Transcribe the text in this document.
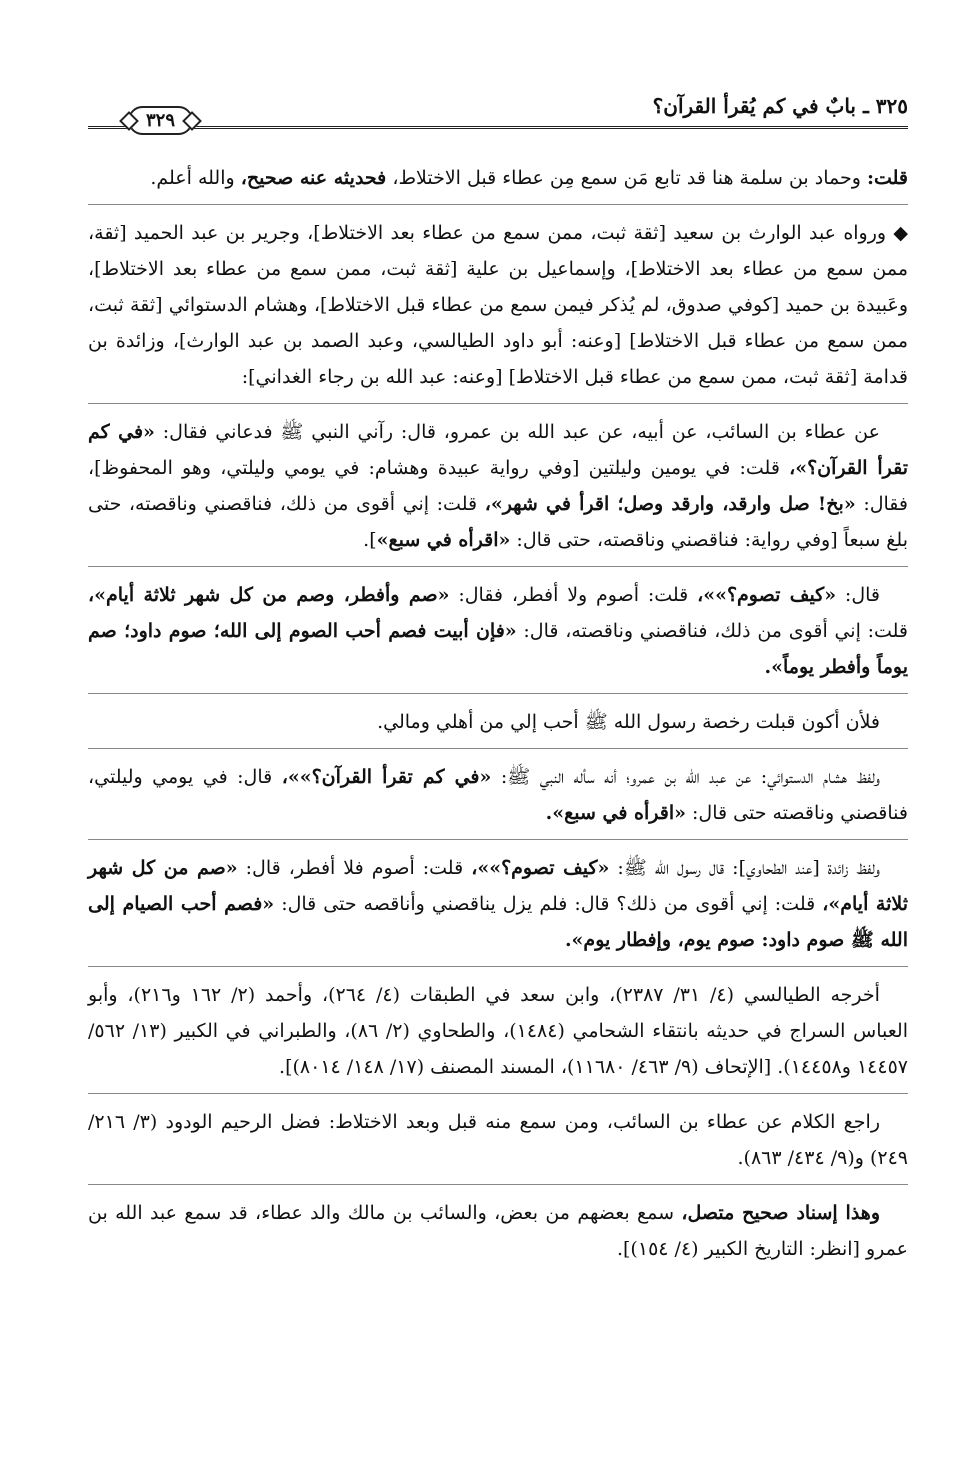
٣٢٥ ـ بابٌ في كم يُقرأ القرآن؟
٣٢٩

قلت: وحماد بن سلمة هنا قد تابع مَن سمع مِن عطاء قبل الاختلاط، فحديثه عنه صحيح، والله أعلم.

◆ ورواه عبد الوارث بن سعيد [ثقة ثبت، ممن سمع من عطاء بعد الاختلاط]، وجرير بن عبد الحميد [ثقة، ممن سمع من عطاء بعد الاختلاط]، وإسماعيل بن علية [ثقة ثبت، ممن سمع من عطاء بعد الاختلاط]، وعَبيدة بن حميد [كوفي صدوق، لم يُذكر فيمن سمع من عطاء قبل الاختلاط]، وهشام الدستوائي [ثقة ثبت، ممن سمع من عطاء قبل الاختلاط] [وعنه: أبو داود الطيالسي، وعبد الصمد بن عبد الوارث]، وزائدة بن قدامة [ثقة ثبت، ممن سمع من عطاء قبل الاختلاط] [وعنه: عبد الله بن رجاء الغداني]:

عن عطاء بن السائب، عن أبيه، عن عبد الله بن عمرو، قال: رآني النبي ﷺ فدعاني فقال: «في كم تقرأ القرآن؟»، قلت: في يومين وليلتين [وفي رواية عبيدة وهشام: في يومي وليلتي، وهو المحفوظ]، فقال: «بخ! صل وارقد، وارقد وصل؛ اقرأ في شهر»، قلت: إني أقوى من ذلك، فناقصني وناقصته، حتى بلغ سبعاً [وفي رواية: فناقصني وناقصته، حتى قال: «اقرأه في سبع»].

قال: «كيف تصوم؟»»، قلت: أصوم ولا أفطر، فقال: «صم وأفطر، وصم من كل شهر ثلاثة أيام»، قلت: إني أقوى من ذلك، فناقصني وناقصته، قال: «فإن أبيت فصم أحب الصوم إلى الله؛ صوم داود؛ صم يوماً وأفطر يوماً».

فلأن أكون قبلت رخصة رسول الله ﷺ أحب إلي من أهلي ومالي.

ولفظ هشام الدستوائي: عن عبد الله بن عمرو؛ أنه سأله النبي ﷺ: «في كم تقرأ القرآن؟»»، قال: في يومي وليلتي، فناقصني وناقصته حتى قال: «اقرأه في سبع».

ولفظ زائدة [عند الطحاوي]: قال رسول الله ﷺ: «كيف تصوم؟»»، قلت: أصوم فلا أفطر، قال: «صم من كل شهر ثلاثة أيام»، قلت: إني أقوى من ذلك؟ قال: فلم يزل يناقصني وأناقصه حتى قال: «فصم أحب الصيام إلى الله ﷺ صوم داود: صوم يوم، وإفطار يوم».

أخرجه الطيالسي (٤/ ٣١/ ٢٣٨٧)، وابن سعد في الطبقات (٤/ ٢٦٤)، وأحمد (٢/ ١٦٢ و٢١٦)، وأبو العباس السراج في حديثه بانتقاء الشحامي (١٤٨٤)، والطحاوي (٢/ ٨٦)، والطبراني في الكبير (١٣/ ٥٦٢/ ١٤٤٥٧ و١٤٤٥٨). [الإتحاف (٩/ ٤٦٣/ ١١٦٨٠)، المسند المصنف (١٧/ ١٤٨/ ٨٠١٤)].

راجع الكلام عن عطاء بن السائب، ومن سمع منه قبل وبعد الاختلاط: فضل الرحيم الودود (٣/ ٢١٦/ ٢٤٩) و(٩/ ٤٣٤/ ٨٦٣).

وهذا إسناد صحيح متصل، سمع بعضهم من بعض، والسائب بن مالك والد عطاء، قد سمع عبد الله بن عمرو [انظر: التاريخ الكبير (٤/ ١٥٤)].
